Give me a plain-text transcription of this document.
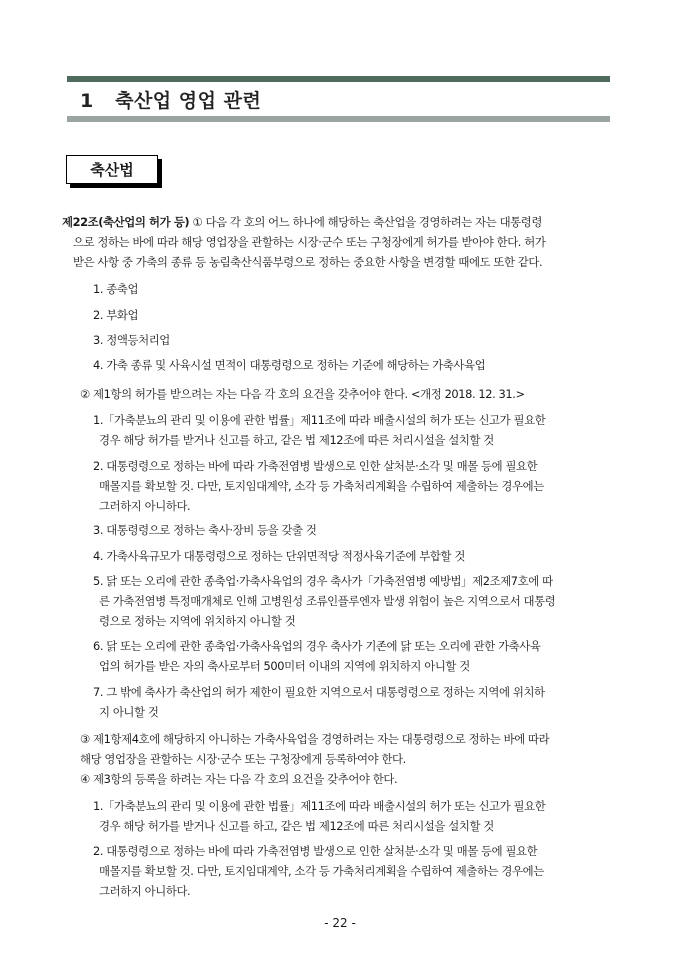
1 축산업 영업 관련
축산법
제22조(축산업의 허가 등) ① 다음 각 호의 어느 하나에 해당하는 축산업을 경영하려는 자는 대통령령
으로 정하는 바에 따라 해당 영업장을 관할하는 시장·군수 또는 구청장에게 허가를 받아야 한다. 허가
받은 사항 중 가축의 종류 등 농림축산식품부령으로 정하는 중요한 사항을 변경할 때에도 또한 같다.
1. 종축업
2. 부화업
3. 정액등처리업
4. 가축 종류 및 사육시설 면적이 대통령령으로 정하는 기준에 해당하는 가축사육업
② 제1항의 허가를 받으려는 자는 다음 각 호의 요건을 갖추어야 한다. <개정 2018. 12. 31.>
1.「가축분뇨의 관리 및 이용에 관한 법률」제11조에 따라 배출시설의 허가 또는 신고가 필요한
경우 해당 허가를 받거나 신고를 하고, 같은 법 제12조에 따른 처리시설을 설치할 것
2. 대통령령으로 정하는 바에 따라 가축전염병 발생으로 인한 살처분·소각 및 매몰 등에 필요한
매몰지를 확보할 것. 다만, 토지임대계약, 소각 등 가축처리계획을 수립하여 제출하는 경우에는
그러하지 아니하다.
3. 대통령령으로 정하는 축사·장비 등을 갖출 것
4. 가축사육규모가 대통령령으로 정하는 단위면적당 적정사육기준에 부합할 것
5. 닭 또는 오리에 관한 종축업·가축사육업의 경우 축사가「가축전염병 예방법」제2조제7호에 따
른 가축전염병 특정매개체로 인해 고병원성 조류인플루엔자 발생 위험이 높은 지역으로서 대통령
령으로 정하는 지역에 위치하지 아니할 것
6. 닭 또는 오리에 관한 종축업·가축사육업의 경우 축사가 기존에 닭 또는 오리에 관한 가축사육
업의 허가를 받은 자의 축사로부터 500미터 이내의 지역에 위치하지 아니할 것
7. 그 밖에 축사가 축산업의 허가 제한이 필요한 지역으로서 대통령령으로 정하는 지역에 위치하
지 아니할 것
③ 제1항제4호에 해당하지 아니하는 가축사육업을 경영하려는 자는 대통령령으로 정하는 바에 따라
해당 영업장을 관할하는 시장·군수 또는 구청장에게 등록하여야 한다.
④ 제3항의 등록을 하려는 자는 다음 각 호의 요건을 갖추어야 한다.
1.「가축분뇨의 관리 및 이용에 관한 법률」제11조에 따라 배출시설의 허가 또는 신고가 필요한
경우 해당 허가를 받거나 신고를 하고, 같은 법 제12조에 따른 처리시설을 설치할 것
2. 대통령령으로 정하는 바에 따라 가축전염병 발생으로 인한 살처분·소각 및 매몰 등에 필요한
매몰지를 확보할 것. 다만, 토지임대계약, 소각 등 가축처리계획을 수립하여 제출하는 경우에는
그러하지 아니하다.
- 22 -
